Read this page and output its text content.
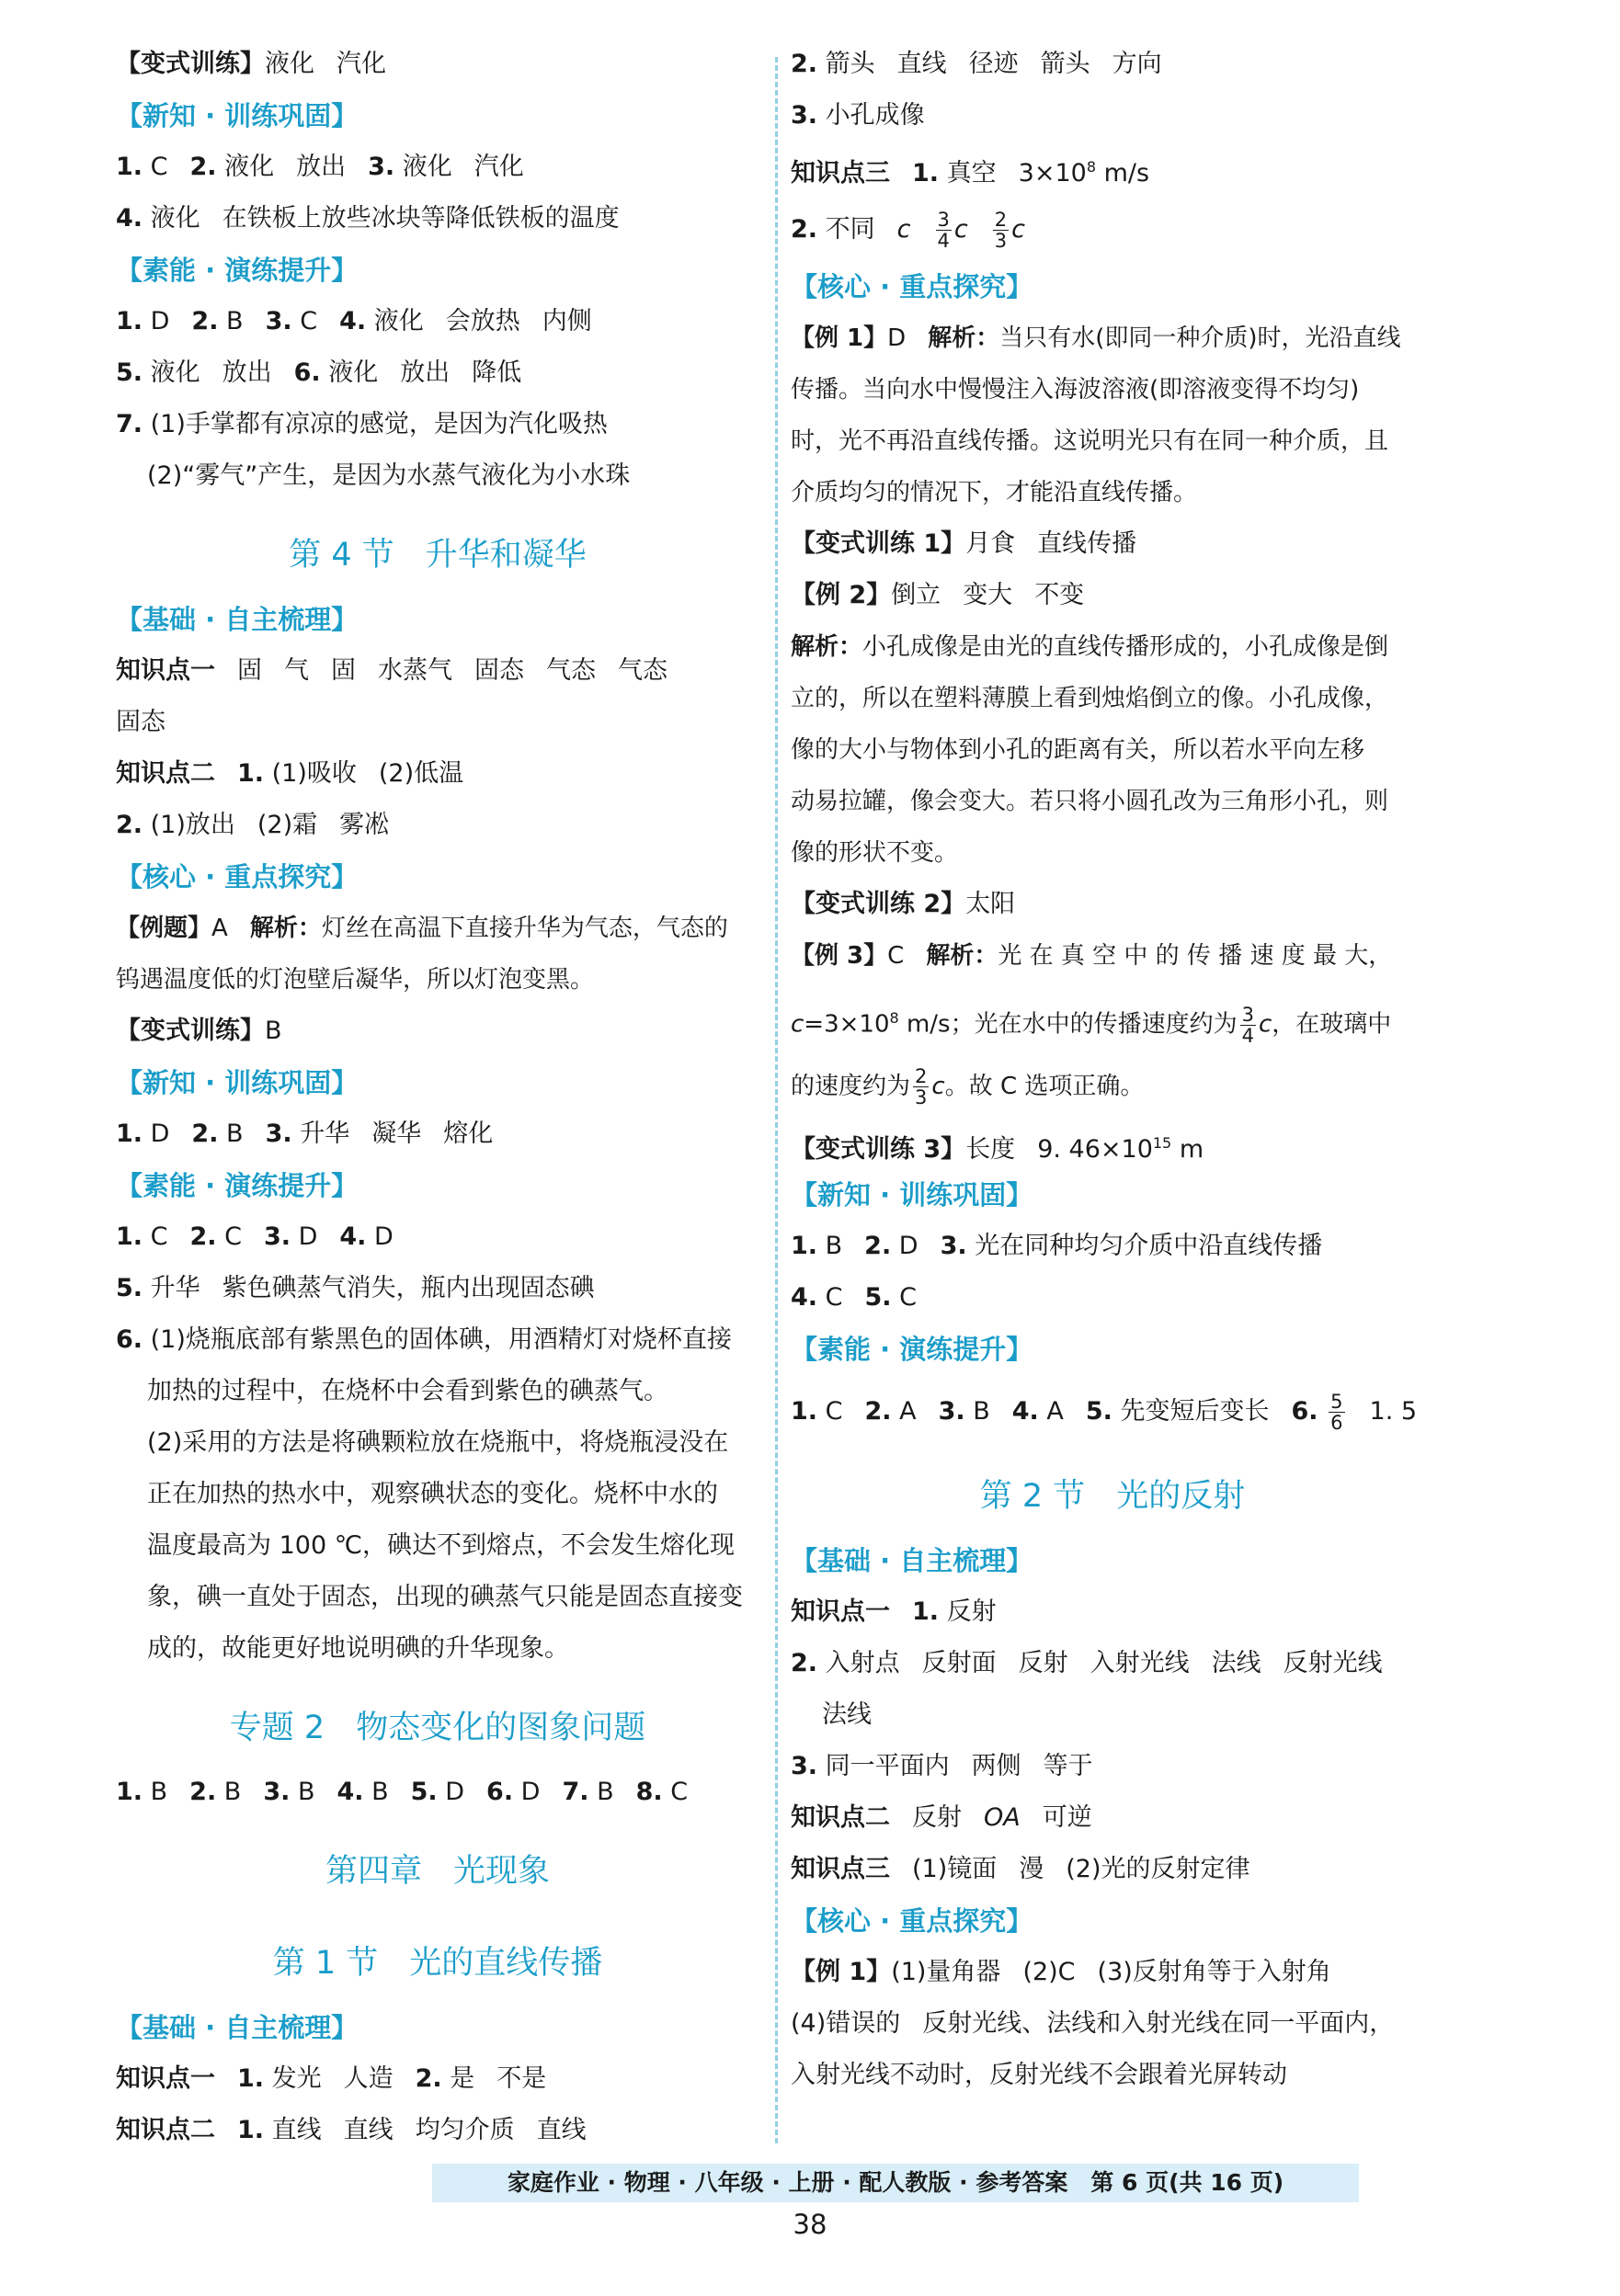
【变式训练】液化 汽化
【新知 · 训练巩固】
1. C 2. 液化 放出 3. 液化 汽化
4. 液化 在铁板上放些冰块等降低铁板的温度
【素能 · 演练提升】
1. D 2. B 3. C 4. 液化 会放热 内侧
5. 液化 放出 6. 液化 放出 降低
7. (1)手掌都有凉凉的感觉，是因为汽化吸热
(2)“雾气”产生，是因为水蒸气液化为小水珠
第 4 节 升华和凝华
【基础 · 自主梳理】
知识点一 固 气 固 水蒸气 固态 气态 气态
固态
知识点二 1. (1)吸收 (2)低温
2. (1)放出 (2)霜 雾凇
【核心 · 重点探究】
【例题】A 解析：灯丝在高温下直接升华为气态，气态的
钨遇温度低的灯泡壁后凝华，所以灯泡变黑。
【变式训练】B
【新知 · 训练巩固】
1. D 2. B 3. 升华 凝华 熔化
【素能 · 演练提升】
1. C 2. C 3. D 4. D
5. 升华 紫色碘蒸气消失，瓶内出现固态碘
6. (1)烧瓶底部有紫黑色的固体碘，用酒精灯对烧杯直接
加热的过程中，在烧杯中会看到紫色的碘蒸气。
(2)采用的方法是将碘颗粒放在烧瓶中，将烧瓶浸没在
正在加热的热水中，观察碘状态的变化。烧杯中水的
温度最高为 100 ℃，碘达不到熔点，不会发生熔化现
象，碘一直处于固态，出现的碘蒸气只能是固态直接变
成的，故能更好地说明碘的升华现象。
专题 2 物态变化的图象问题
1. B 2. B 3. B 4. B 5. D 6. D 7. B 8. C
第四章 光现象
第 1 节 光的直线传播
【基础 · 自主梳理】
知识点一 1. 发光 人造 2. 是 不是
知识点二 1. 直线 直线 均匀介质 直线
2. 箭头 直线 径迹 箭头 方向
3. 小孔成像
知识点三 1. 真空 $3\times 10^8$ m/s
2. 不同 c $\frac{3}{4}$ c $\frac{2}{3}$ c
【核心 · 重点探究】
【例 1】D 解析：当只有水(即同一种介质)时，光沿直线
传播。当向水中慢慢注入海波溶液(即溶液变得不均匀)
时，光不再沿直线传播。这说明光只有在同一种介质，且
介质均匀的情况下，才能沿直线传播。
【变式训练 1】月食 直线传播
【例 2】倒立 变大 不变
解析：小孔成像是由光的直线传播形成的，小孔成像是倒
立的，所以在塑料薄膜上看到烛焰倒立的像。小孔成像，
像的大小与物体到小孔的距离有关，所以若水平向左移
动易拉罐，像会变大。若只将小圆孔改为三角形小孔，则
像的形状不变。
【变式训练 2】太阳
【例 3】C 解析：光 在 真 空 中 的 传 播 速 度 最 大，
$c=3\times 10^8$ m/s；光在水中的传播速度约为 $\frac{3}{4}$ c，在玻璃中
的速度约为 $\frac{2}{3}$ c。故 C 选项正确。
【变式训练 3】长度 9. $46\times 10^{15}$ m
【新知 · 训练巩固】
1. B 2. D 3. 光在同种均匀介质中沿直线传播
4. C 5. C
【素能 · 演练提升】
1. C 2. A 3. B 4. A 5. 先变短后变长 6. $\frac{5}{6} 1$. 5
第 2 节 光的反射
【基础 · 自主梳理】
知识点一 1. 反射
2. 入射点 反射面 反射 入射光线 法线 反射光线
法线
3. 同一平面内 两侧 等于
知识点二 反射 OA 可逆
知识点三 (1)镜面 漫 (2)光的反射定律
【核心 · 重点探究】
【例 1】(1)量角器 (2)C (3)反射角等于入射角
(4)错误的 反射光线、法线和入射光线在同一平面内，
入射光线不动时，反射光线不会跟着光屏转动
家庭作业 · 物理 · 八年级 · 上册 · 配人教版 · 参考答案　第 6 页(共 16 页)
38
